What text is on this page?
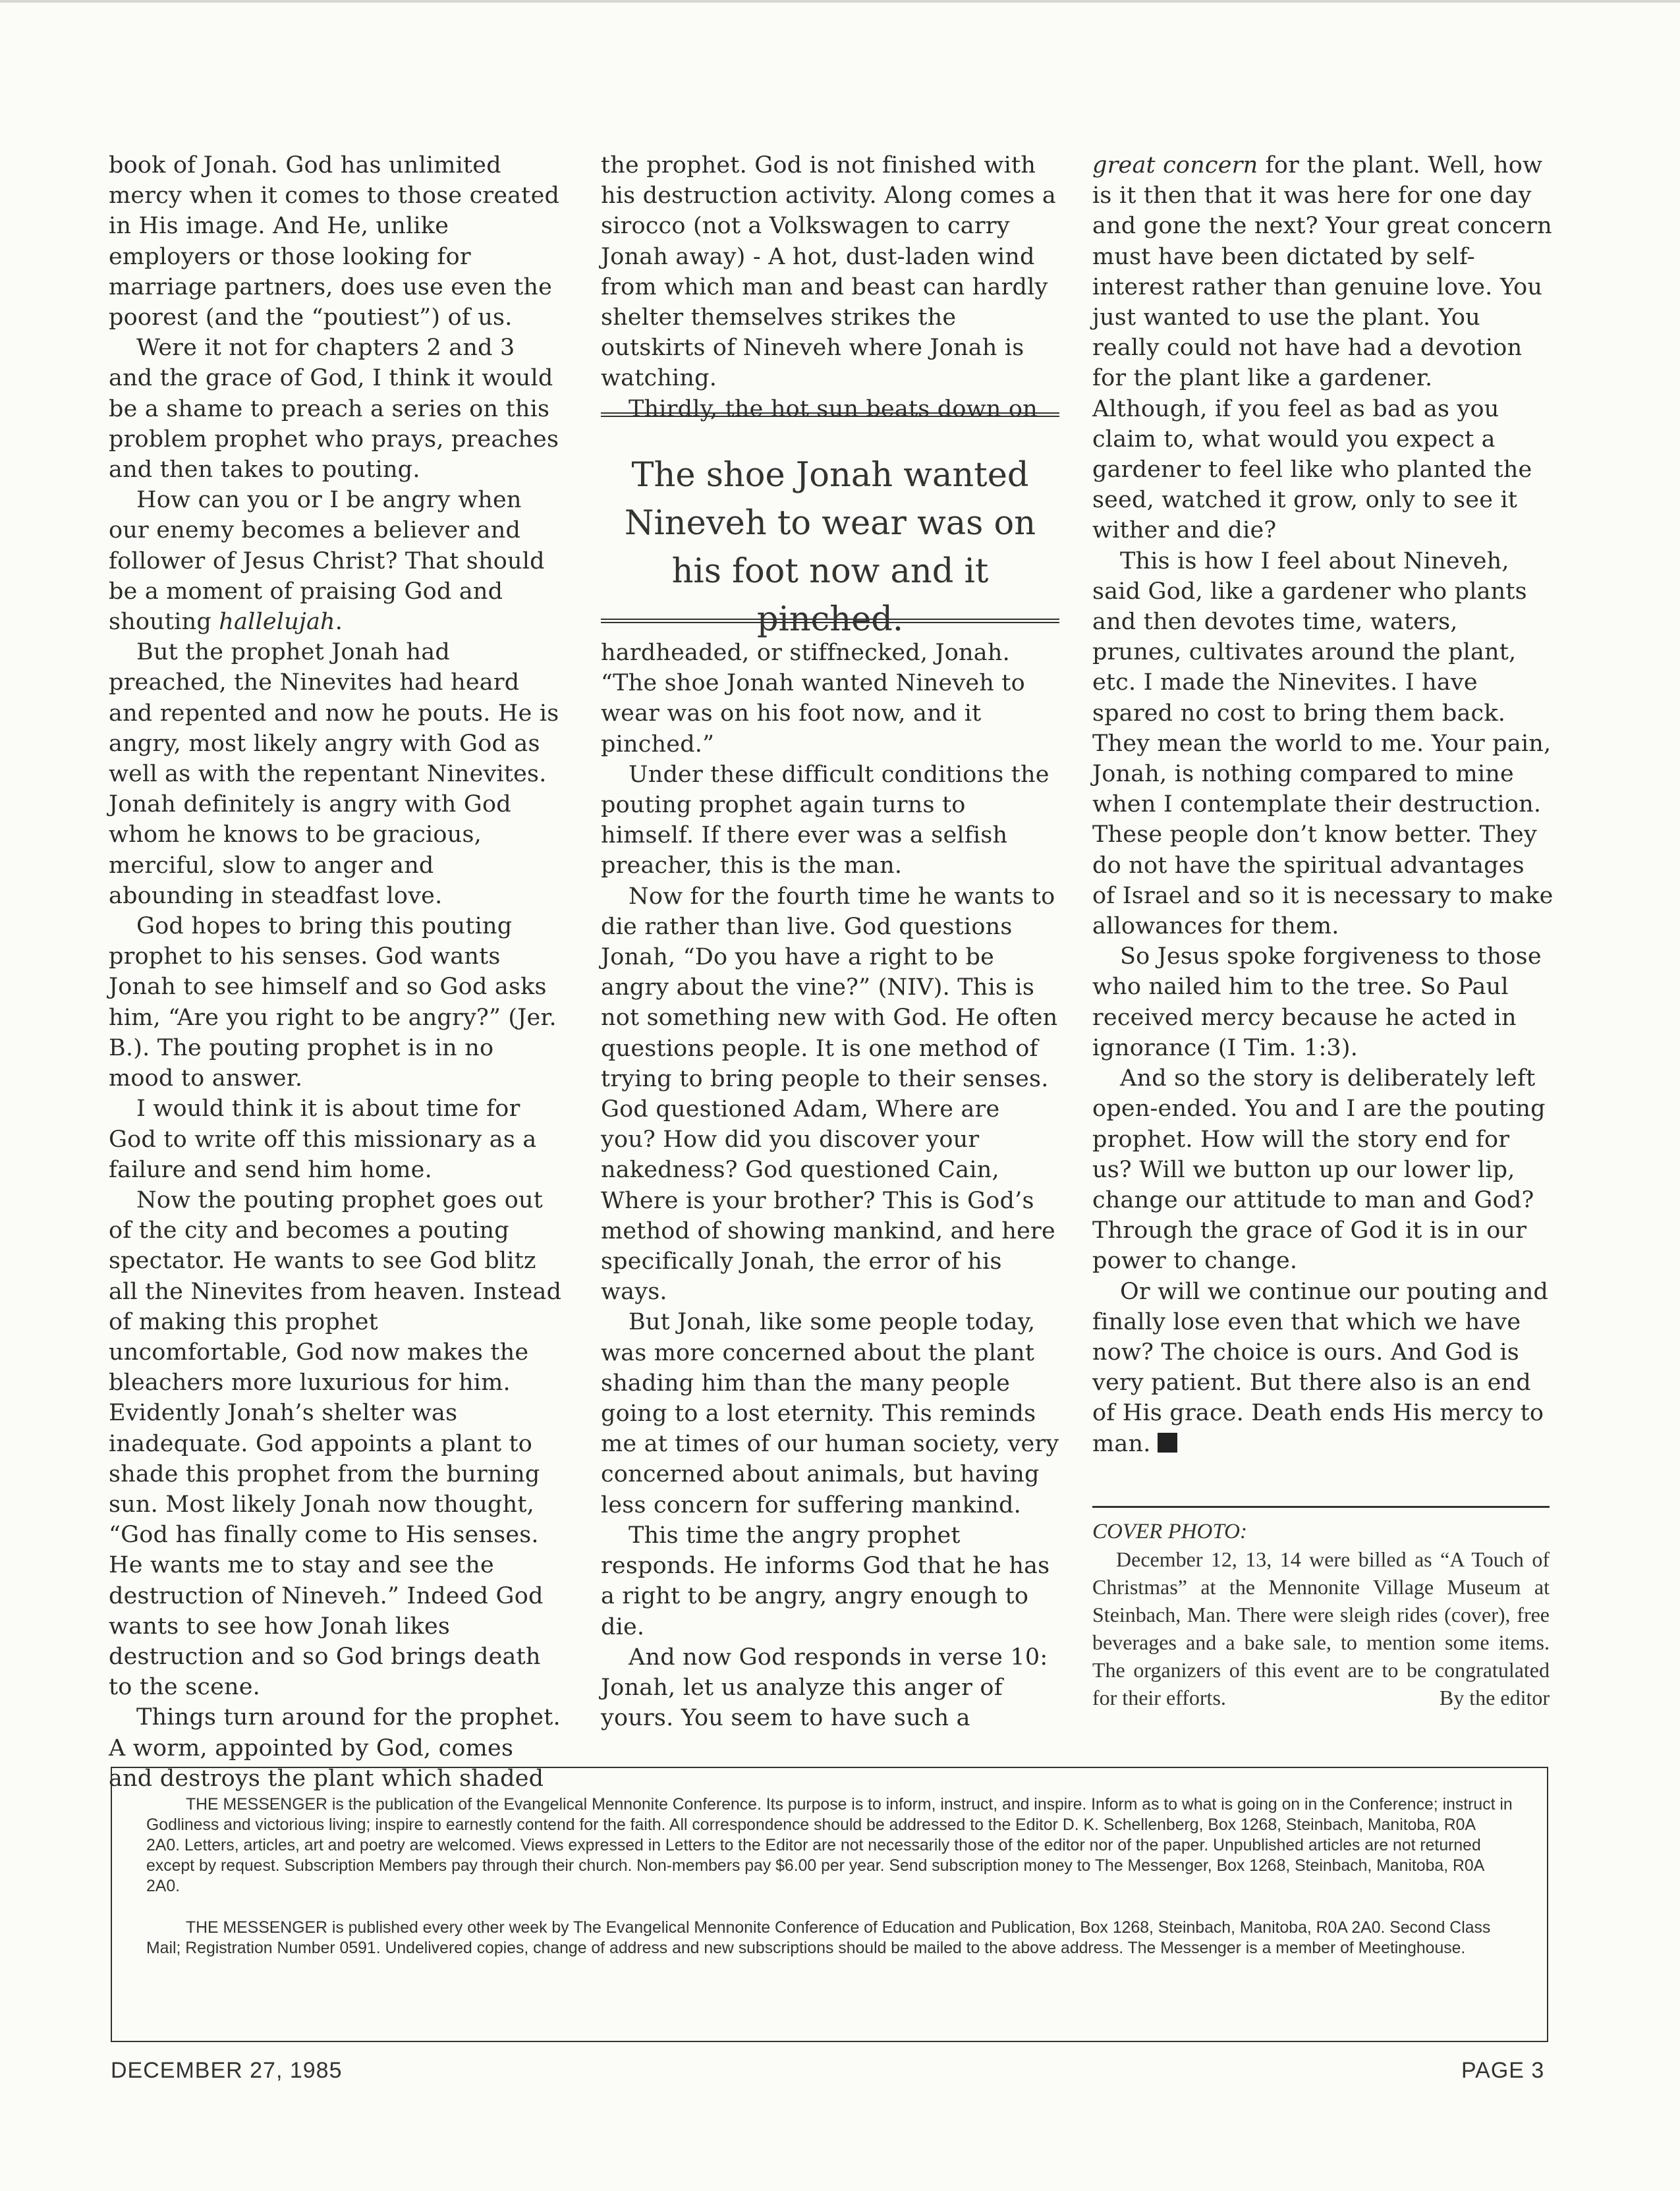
book of Jonah. God has unlimited mercy when it comes to those created in His image. And He, unlike employers or those looking for marriage partners, does use even the poorest (and the “poutiest”) of us.

Were it not for chapters 2 and 3 and the grace of God, I think it would be a shame to preach a series on this problem prophet who prays, preaches and then takes to pouting.

How can you or I be angry when our enemy becomes a believer and follower of Jesus Christ? That should be a moment of praising God and shouting hallelujah.

But the prophet Jonah had preached, the Ninevites had heard and repented and now he pouts. He is angry, most likely angry with God as well as with the repentant Ninevites. Jonah definitely is angry with God whom he knows to be gracious, merciful, slow to anger and abounding in steadfast love.

God hopes to bring this pouting prophet to his senses. God wants Jonah to see himself and so God asks him, “Are you right to be angry?” (Jer. B.). The pouting prophet is in no mood to answer.

I would think it is about time for God to write off this missionary as a failure and send him home.

Now the pouting prophet goes out of the city and becomes a pouting spectator. He wants to see God blitz all the Ninevites from heaven. Instead of making this prophet uncomfortable, God now makes the bleachers more luxurious for him. Evidently Jonah’s shelter was inadequate. God appoints a plant to shade this prophet from the burning sun. Most likely Jonah now thought, “God has finally come to His senses. He wants me to stay and see the destruction of Nineveh.” Indeed God wants to see how Jonah likes destruction and so God brings death to the scene.

Things turn around for the prophet. A worm, appointed by God, comes and destroys the plant which shaded

the prophet. God is not finished with his destruction activity. Along comes a sirocco (not a Volkswagen to carry Jonah away) - A hot, dust-laden wind from which man and beast can hardly shelter themselves strikes the outskirts of Nineveh where Jonah is watching.

Thirdly, the hot sun beats down on

The shoe Jonah wanted Nineveh to wear was on his foot now and it pinched.

hardheaded, or stiffnecked, Jonah. “The shoe Jonah wanted Nineveh to wear was on his foot now, and it pinched.”

Under these difficult conditions the pouting prophet again turns to himself. If there ever was a selfish preacher, this is the man.

Now for the fourth time he wants to die rather than live. God questions Jonah, “Do you have a right to be angry about the vine?” (NIV). This is not something new with God. He often questions people. It is one method of trying to bring people to their senses. God questioned Adam, Where are you? How did you discover your nakedness? God questioned Cain, Where is your brother? This is God’s method of showing mankind, and here specifically Jonah, the error of his ways.

But Jonah, like some people today, was more concerned about the plant shading him than the many people going to a lost eternity. This reminds me at times of our human society, very concerned about animals, but having less concern for suffering mankind.

This time the angry prophet responds. He informs God that he has a right to be angry, angry enough to die.

And now God responds in verse 10: Jonah, let us analyze this anger of yours. You seem to have such a

great concern for the plant. Well, how is it then that it was here for one day and gone the next? Your great concern must have been dictated by self-interest rather than genuine love. You just wanted to use the plant. You really could not have had a devotion for the plant like a gardener. Although, if you feel as bad as you claim to, what would you expect a gardener to feel like who planted the seed, watched it grow, only to see it wither and die?

This is how I feel about Nineveh, said God, like a gardener who plants and then devotes time, waters, prunes, cultivates around the plant, etc. I made the Ninevites. I have spared no cost to bring them back. They mean the world to me. Your pain, Jonah, is nothing compared to mine when I contemplate their destruction. These people don’t know better. They do not have the spiritual advantages of Israel and so it is necessary to make allowances for them.

So Jesus spoke forgiveness to those who nailed him to the tree. So Paul received mercy because he acted in ignorance (I Tim. 1:3).

And so the story is deliberately left open-ended. You and I are the pouting prophet. How will the story end for us? Will we button up our lower lip, change our attitude to man and God? Through the grace of God it is in our power to change.

Or will we continue our pouting and finally lose even that which we have now? The choice is ours. And God is very patient. But there also is an end of His grace. Death ends His mercy to man.

COVER PHOTO:

December 12, 13, 14 were billed as “A Touch of Christmas” at the Mennonite Village Museum at Steinbach, Man. There were sleigh rides (cover), free beverages and a bake sale, to mention some items. The organizers of this event are to be congratulated for their efforts.	By the editor

THE MESSENGER is the publication of the Evangelical Mennonite Conference. Its purpose is to inform, instruct, and inspire. Inform as to what is going on in the Conference; instruct in Godliness and victorious living; inspire to earnestly contend for the faith. All correspondence should be addressed to the Editor D. K. Schellenberg, Box 1268, Steinbach, Manitoba, R0A 2A0. Letters, articles, art and poetry are welcomed. Views expressed in Letters to the Editor are not necessarily those of the editor nor of the paper. Unpublished articles are not returned except by request. Subscription Members pay through their church. Non-members pay $6.00 per year. Send subscription money to The Messenger, Box 1268, Steinbach, Manitoba, R0A 2A0.

THE MESSENGER is published every other week by The Evangelical Mennonite Conference of Education and Publication, Box 1268, Steinbach, Manitoba, R0A 2A0. Second Class Mail; Registration Number 0591. Undelivered copies, change of address and new subscriptions should be mailed to the above address. The Messenger is a member of Meetinghouse.

DECEMBER 27, 1985	PAGE 3
